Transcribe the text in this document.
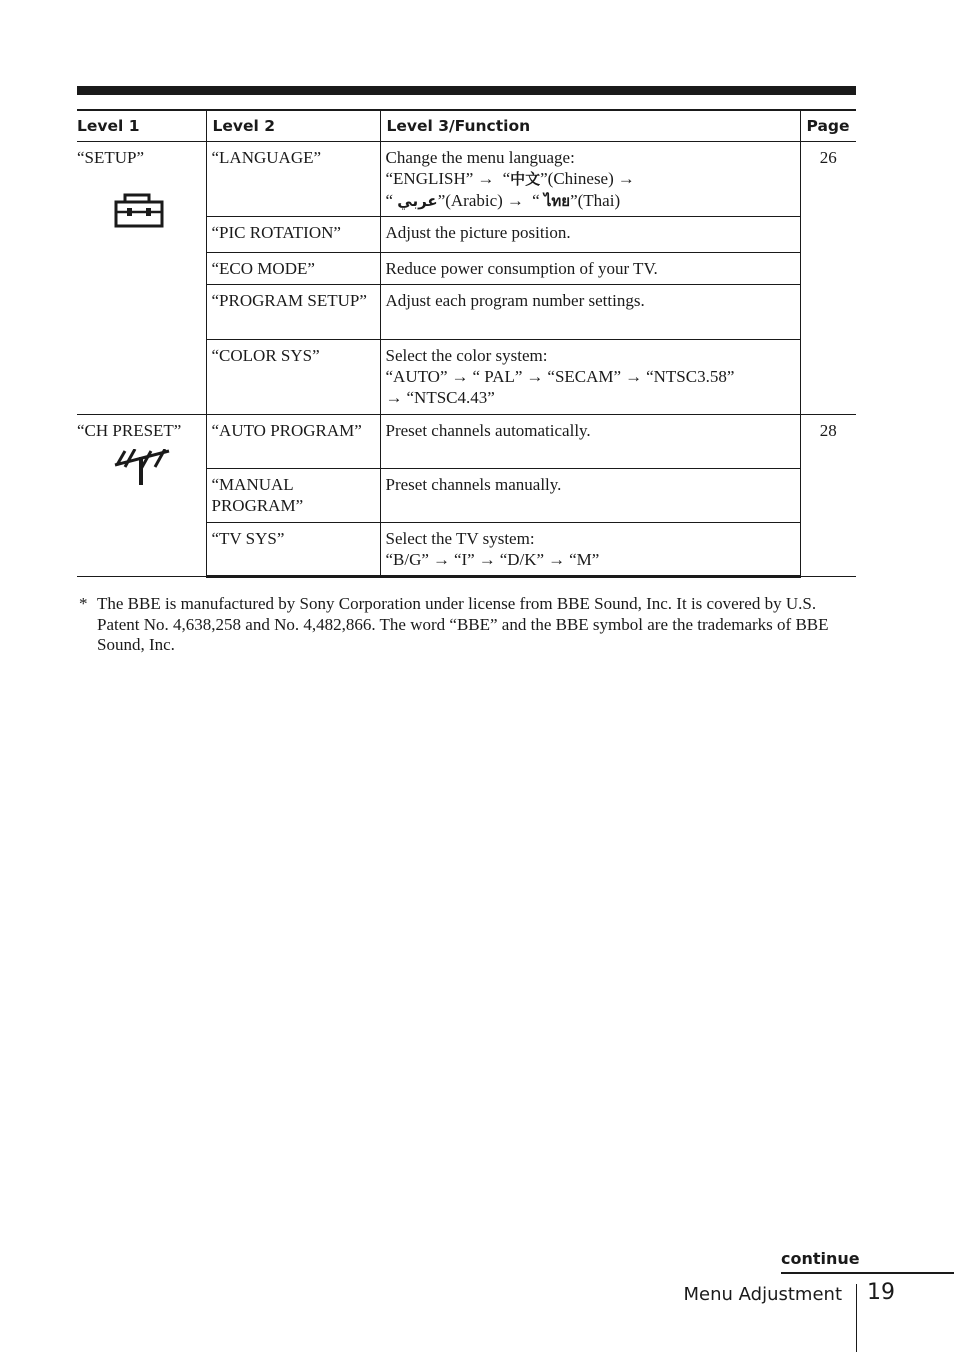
Level 1	Level 2	Level 3/Function	Page
“SETUP”	“LANGUAGE”	Change the menu language:
“ENGLISH” → “中文”(Chinese) →
“ عربي”(Arabic) → “ ไทย”(Thai)	26
	“PIC ROTATION”	Adjust the picture position.	
	“ECO MODE”	Reduce power consumption of your TV.	
	“PROGRAM SETUP”	Adjust each program number settings.	
	“COLOR SYS”	Select the color system:
“AUTO” → “ PAL” → “SECAM” → “NTSC3.58”
→ “NTSC4.43”	

“CH PRESET”	“AUTO PROGRAM”	Preset channels automatically.	28
	“MANUAL PROGRAM”	Preset channels manually.	
	“TV SYS”	Select the TV system:
“B/G” → “I” → “D/K” → “M”	
* The BBE is manufactured by Sony Corporation under license from BBE Sound, Inc. It is covered by U.S. Patent No. 4,638,258 and No. 4,482,866. The word “BBE” and the BBE symbol are the trademarks of BBE Sound, Inc.
continue
Menu Adjustment 19
